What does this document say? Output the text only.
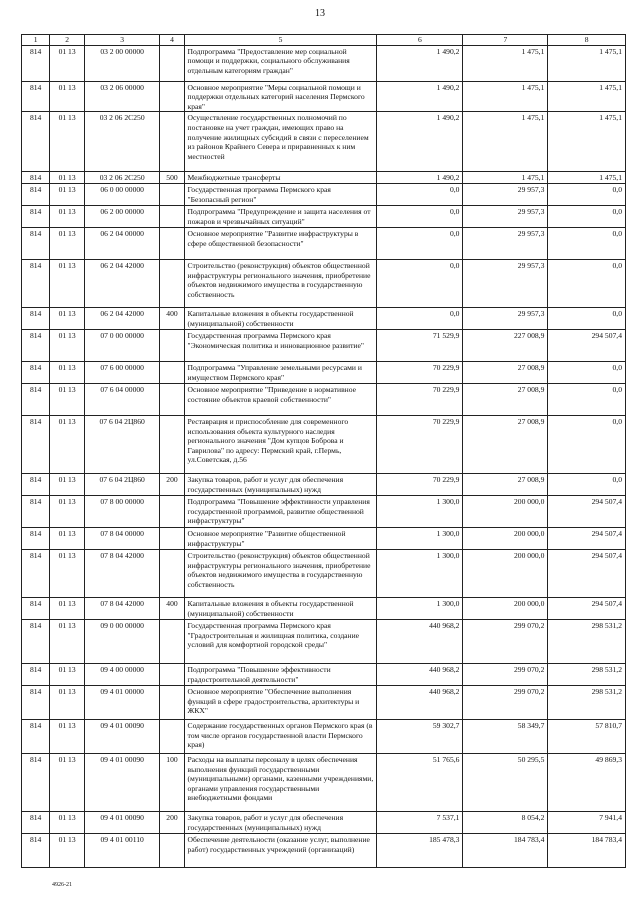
13
1	2	3	4	5	6	7	8
814	01 13	03 2 00 00000		Подпрограмма "Предоставление мер социальной помощи и поддержки, социального обслуживания отдельным категориям граждан"	1 490,2	1 475,1	1 475,1
814	01 13	03 2 06 00000		Основное мероприятие "Меры социальной помощи и поддержки отдельных категорий населения Пермского края"	1 490,2	1 475,1	1 475,1
814	01 13	03 2 06 2С250		Осуществление государственных полномочий по постановке на учет граждан, имеющих право на получение жилищных субсидий в связи с переселением из районов Крайнего Севера и приравненных к ним местностей	1 490,2	1 475,1	1 475,1
814	01 13	03 2 06 2С250	500	Межбюджетные трансферты	1 490,2	1 475,1	1 475,1
814	01 13	06 0 00 00000		Государственная программа Пермского края "Безопасный регион"	0,0	29 957,3	0,0
814	01 13	06 2 00 00000		Подпрограмма "Предупреждение и защита населения от пожаров и чрезвычайных ситуаций"	0,0	29 957,3	0,0
814	01 13	06 2 04 00000		Основное мероприятие "Развитие инфраструктуры в сфере общественной безопасности"	0,0	29 957,3	0,0
814	01 13	06 2 04 42000		Строительство (реконструкция) объектов общественной инфраструктуры регионального значения, приобретение объектов недвижимого имущества в государственную собственность	0,0	29 957,3	0,0
814	01 13	06 2 04 42000	400	Капитальные вложения в объекты государственной (муниципальной) собственности	0,0	29 957,3	0,0
814	01 13	07 0 00 00000		Государственная программа Пермского края "Экономическая политика и инновационное развитие"	71 529,9	227 008,9	294 507,4
814	01 13	07 6 00 00000		Подпрограмма "Управление земельными ресурсами и имуществом Пермского края"	70 229,9	27 008,9	0,0
814	01 13	07 6 04 00000		Основное мероприятие "Приведение в нормативное состояние объектов краевой собственности"	70 229,9	27 008,9	0,0
814	01 13	07 6 04 2Ц860		Реставрация и приспособление для современного использования объекта культурного наследия регионального значения "Дом купцов Боброва и Гаврилова" по адресу: Пермский край, г.Пермь, ул.Советская, д.56	70 229,9	27 008,9	0,0
814	01 13	07 6 04 2Ц860	200	Закупка товаров, работ и услуг для обеспечения государственных (муниципальных) нужд	70 229,9	27 008,9	0,0
814	01 13	07 8 00 00000		Подпрограмма "Повышение эффективности управления государственной программой, развитие общественной инфраструктуры"	1 300,0	200 000,0	294 507,4
814	01 13	07 8 04 00000		Основное мероприятие "Развитие общественной инфраструктуры"	1 300,0	200 000,0	294 507,4
814	01 13	07 8 04 42000		Строительство (реконструкция) объектов общественной инфраструктуры регионального значения, приобретение объектов недвижимого имущества в государственную собственность	1 300,0	200 000,0	294 507,4
814	01 13	07 8 04 42000	400	Капитальные вложения в объекты государственной (муниципальной) собственности	1 300,0	200 000,0	294 507,4
814	01 13	09 0 00 00000		Государственная программа Пермского края "Градостроительная и жилищная политика, создание условий для комфортной городской среды"	440 968,2	299 070,2	298 531,2
814	01 13	09 4 00 00000		Подпрограмма "Повышение эффективности градостроительной деятельности"	440 968,2	299 070,2	298 531,2
814	01 13	09 4 01 00000		Основное мероприятие "Обеспечение выполнения функций в сфере градостроительства, архитектуры и ЖКХ"	440 968,2	299 070,2	298 531,2
814	01 13	09 4 01 00090		Содержание государственных органов Пермского края (в том числе органов государственной власти Пермского края)	59 302,7	58 349,7	57 810,7
814	01 13	09 4 01 00090	100	Расходы на выплаты персоналу в целях обеспечения выполнения функций государственными (муниципальными) органами, казенными учреждениями, органами управления государственными внебюджетными фондами	51 765,6	50 295,5	49 869,3
814	01 13	09 4 01 00090	200	Закупка товаров, работ и услуг для обеспечения государственных (муниципальных) нужд	7 537,1	8 054,2	7 941,4
814	01 13	09 4 01 00110		Обеспечение деятельности (оказание услуг, выполнение работ) государственных учреждений (организаций)	185 478,3	184 783,4	184 783,4
4926-21
